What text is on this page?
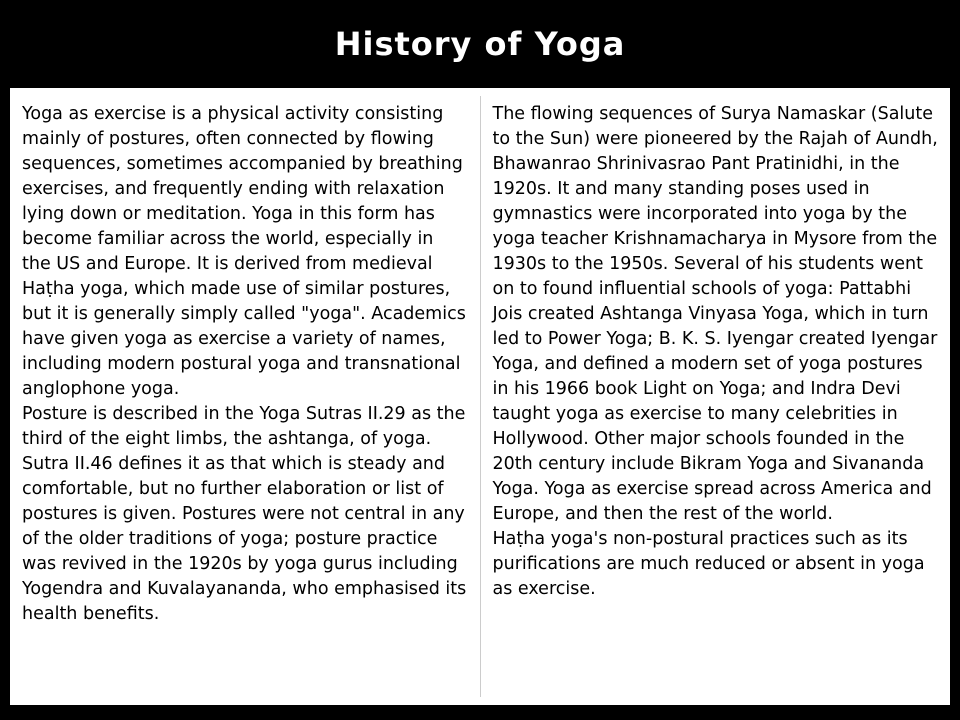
History of Yoga

Yoga as exercise is a physical activity consisting mainly of postures, often connected by flowing sequences, sometimes accompanied by breathing exercises, and frequently ending with relaxation lying down or meditation. Yoga in this form has become familiar across the world, especially in the US and Europe. It is derived from medieval Haṭha yoga, which made use of similar postures, but it is generally simply called "yoga". Academics have given yoga as exercise a variety of names, including modern postural yoga and transnational anglophone yoga.

Posture is described in the Yoga Sutras II.29 as the third of the eight limbs, the ashtanga, of yoga. Sutra II.46 defines it as that which is steady and comfortable, but no further elaboration or list of postures is given. Postures were not central in any of the older traditions of yoga; posture practice was revived in the 1920s by yoga gurus including Yogendra and Kuvalayananda, who emphasised its health benefits.

The flowing sequences of Surya Namaskar (Salute to the Sun) were pioneered by the Rajah of Aundh, Bhawanrao Shrinivasrao Pant Pratinidhi, in the 1920s. It and many standing poses used in gymnastics were incorporated into yoga by the yoga teacher Krishnamacharya in Mysore from the 1930s to the 1950s. Several of his students went on to found influential schools of yoga: Pattabhi Jois created Ashtanga Vinyasa Yoga, which in turn led to Power Yoga; B. K. S. Iyengar created Iyengar Yoga, and defined a modern set of yoga postures in his 1966 book Light on Yoga; and Indra Devi taught yoga as exercise to many celebrities in Hollywood. Other major schools founded in the 20th century include Bikram Yoga and Sivananda Yoga. Yoga as exercise spread across America and Europe, and then the rest of the world.

Haṭha yoga's non-postural practices such as its purifications are much reduced or absent in yoga as exercise.
